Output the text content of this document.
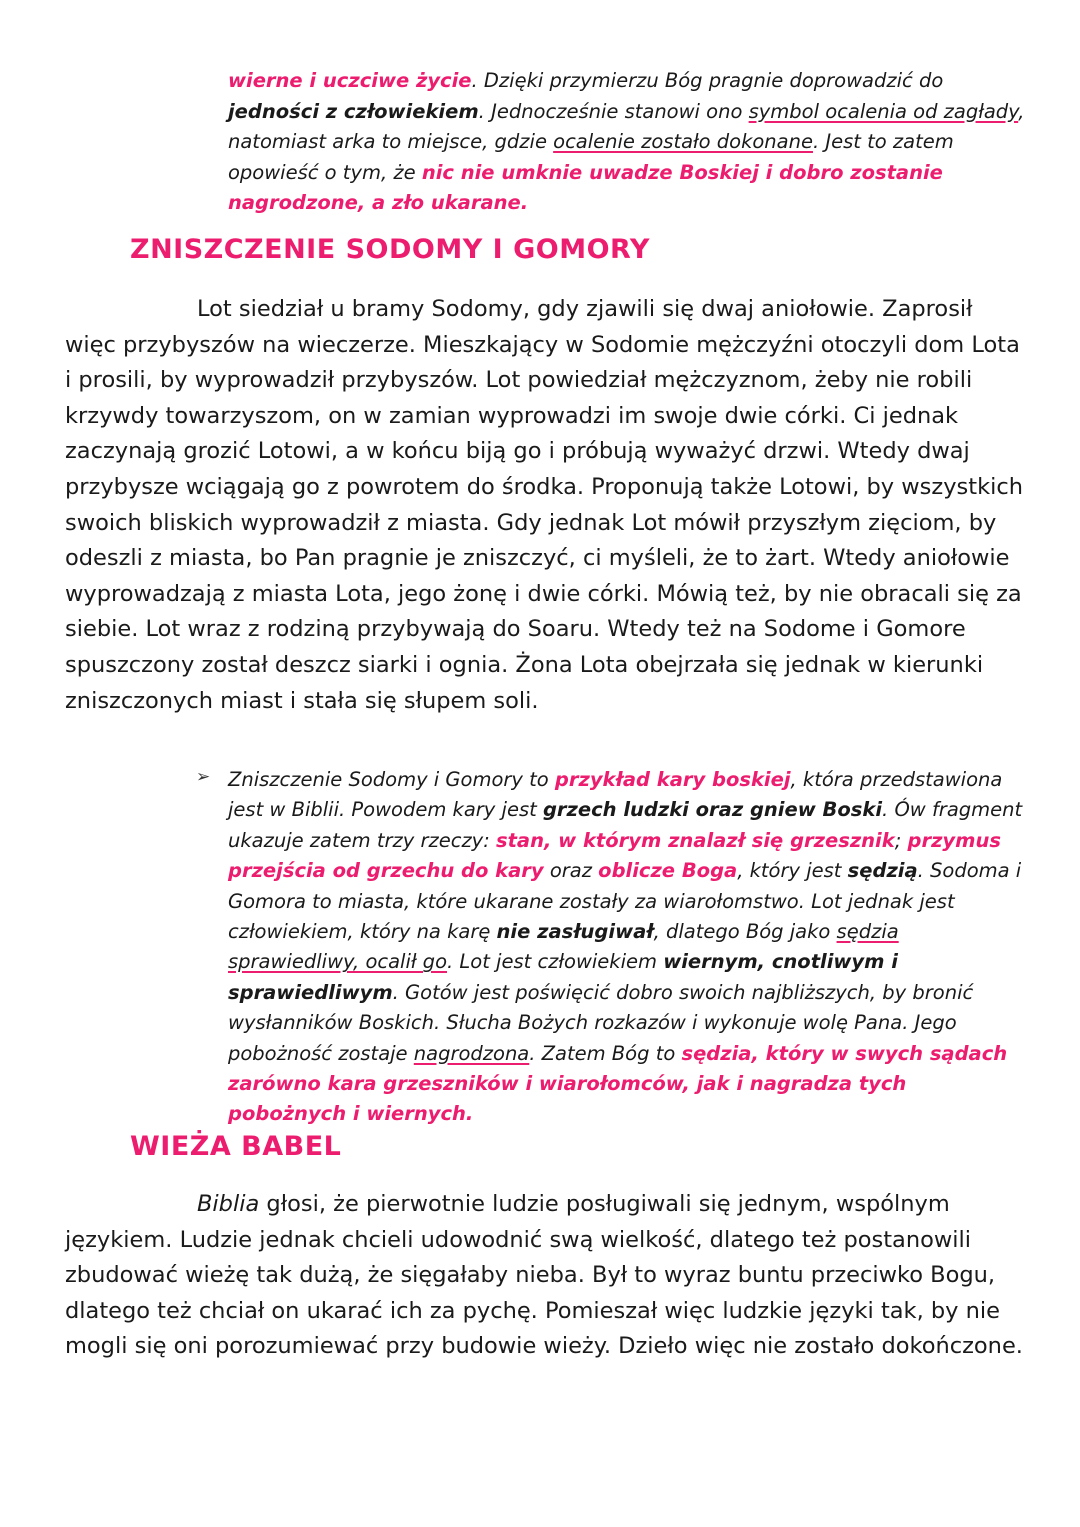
wierne i uczciwe życie. Dzięki przymierzu Bóg pragnie doprowadzić do jedności z człowiekiem. Jednocześnie stanowi ono symbol ocalenia od zagłady, natomiast arka to miejsce, gdzie ocalenie zostało dokonane. Jest to zatem opowieść o tym, że nic nie umknie uwadze Boskiej i dobro zostanie nagrodzone, a zło ukarane.

ZNISZCZENIE SODOMY I GOMORY

Lot siedział u bramy Sodomy, gdy zjawili się dwaj aniołowie. Zaprosił więc przybyszów na wieczerze. Mieszkający w Sodomie mężczyźni otoczyli dom Lota i prosili, by wyprowadził przybyszów. Lot powiedział mężczyznom, żeby nie robili krzywdy towarzyszom, on w zamian wyprowadzi im swoje dwie córki. Ci jednak zaczynają grozić Lotowi, a w końcu biją go i próbują wyważyć drzwi. Wtedy dwaj przybysze wciągają go z powrotem do środka. Proponują także Lotowi, by wszystkich swoich bliskich wyprowadził z miasta. Gdy jednak Lot mówił przyszłym zięciom, by odeszli z miasta, bo Pan pragnie je zniszczyć, ci myśleli, że to żart. Wtedy aniołowie wyprowadzają z miasta Lota, jego żonę i dwie córki. Mówią też, by nie obracali się za siebie. Lot wraz z rodziną przybywają do Soaru. Wtedy też na Sodome i Gomore spuszczony został deszcz siarki i ognia. Żona Lota obejrzała się jednak w kierunki zniszczonych miast i stała się słupem soli.

➢ Zniszczenie Sodomy i Gomory to przykład kary boskiej, która przedstawiona jest w Biblii. Powodem kary jest grzech ludzki oraz gniew Boski. Ów fragment ukazuje zatem trzy rzeczy: stan, w którym znalazł się grzesznik; przymus przejścia od grzechu do kary oraz oblicze Boga, który jest sędzią. Sodoma i Gomora to miasta, które ukarane zostały za wiarołomstwo. Lot jednak jest człowiekiem, który na karę nie zasługiwał, dlatego Bóg jako sędzia sprawiedliwy, ocalił go. Lot jest człowiekiem wiernym, cnotliwym i sprawiedliwym. Gotów jest poświęcić dobro swoich najbliższych, by bronić wysłanników Boskich. Słucha Bożych rozkazów i wykonuje wolę Pana. Jego pobożność zostaje nagrodzona. Zatem Bóg to sędzia, który w swych sądach zarówno kara grzeszników i wiarołomców, jak i nagradza tych pobożnych i wiernych.

WIEŻA BABEL

Biblia głosi, że pierwotnie ludzie posługiwali się jednym, wspólnym językiem. Ludzie jednak chcieli udowodnić swą wielkość, dlatego też postanowili zbudować wieżę tak dużą, że sięgałaby nieba. Był to wyraz buntu przeciwko Bogu, dlatego też chciał on ukarać ich za pychę. Pomieszał więc ludzkie języki tak, by nie mogli się oni porozumiewać przy budowie wieży. Dzieło więc nie zostało dokończone.
